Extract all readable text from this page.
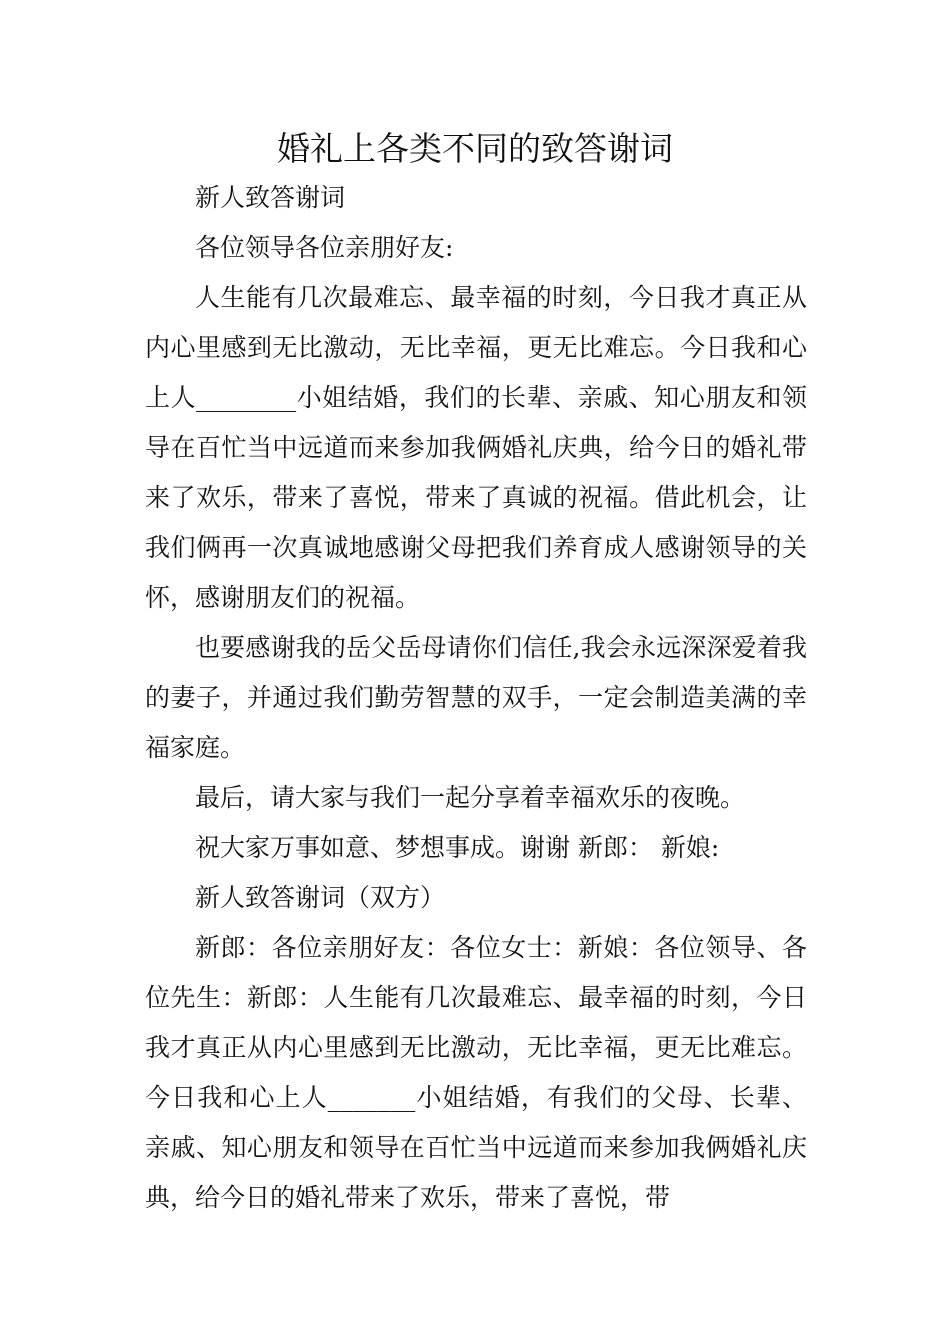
婚礼上各类不同的致答谢词

新人致答谢词

各位领导各位亲朋好友:

人生能有几次最难忘、最幸福的时刻，今日我才真正从内心里感到无比激动，无比幸福，更无比难忘。今日我和心上人________小姐结婚，我们的长辈、亲戚、知心朋友和领导在百忙当中远道而来参加我俩婚礼庆典，给今日的婚礼带来了欢乐，带来了喜悦，带来了真诚的祝福。借此机会，让我们俩再一次真诚地感谢父母把我们养育成人感谢领导的关怀，感谢朋友们的祝福。

也要感谢我的岳父岳母请你们信任,我会永远深深爱着我的妻子，并通过我们勤劳智慧的双手，一定会制造美满的幸福家庭。

最后，请大家与我们一起分享着幸福欢乐的夜晚。

祝大家万事如意、梦想事成。谢谢 新郎： 新娘:

新人致答谢词（双方）

新郎：各位亲朋好友：各位女士：新娘：各位领导、各位先生：新郎：人生能有几次最难忘、最幸福的时刻，今日我才真正从内心里感到无比激动，无比幸福，更无比难忘。今日我和心上人_______小姐结婚，有我们的父母、长辈、亲戚、知心朋友和领导在百忙当中远道而来参加我俩婚礼庆典，给今日的婚礼带来了欢乐，带来了喜悦，带
